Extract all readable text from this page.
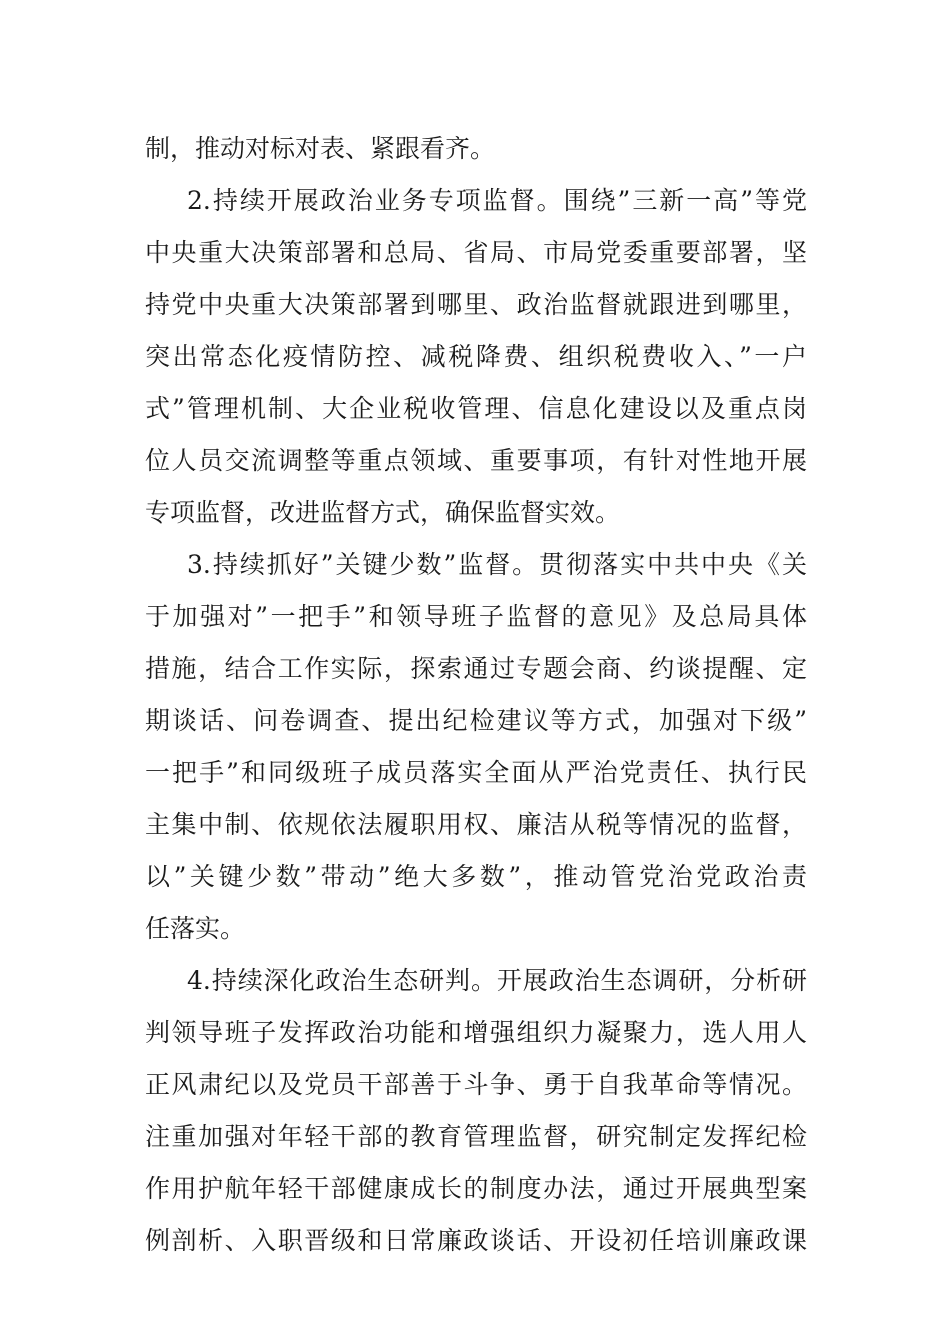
制，推动对标对表、紧跟看齐。
2.持续开展政治业务专项监督。围绕”三新一高”等党
中央重大决策部署和总局、省局、市局党委重要部署，坚
持党中央重大决策部署到哪里、政治监督就跟进到哪里，
突出常态化疫情防控、减税降费、组织税费收入、”一户
式”管理机制、大企业税收管理、信息化建设以及重点岗
位人员交流调整等重点领域、重要事项，有针对性地开展
专项监督，改进监督方式，确保监督实效。
3.持续抓好”关键少数”监督。贯彻落实中共中央《关
于加强对”一把手”和领导班子监督的意见》及总局具体
措施，结合工作实际，探索通过专题会商、约谈提醒、定
期谈话、问卷调查、提出纪检建议等方式，加强对下级”
一把手”和同级班子成员落实全面从严治党责任、执行民
主集中制、依规依法履职用权、廉洁从税等情况的监督，
以”关键少数”带动”绝大多数”，推动管党治党政治责
任落实。
4.持续深化政治生态研判。开展政治生态调研，分析研
判领导班子发挥政治功能和增强组织力凝聚力，选人用人
正风肃纪以及党员干部善于斗争、勇于自我革命等情况。
注重加强对年轻干部的教育管理监督，研究制定发挥纪检
作用护航年轻干部健康成长的制度办法，通过开展典型案
例剖析、入职晋级和日常廉政谈话、开设初任培训廉政课
